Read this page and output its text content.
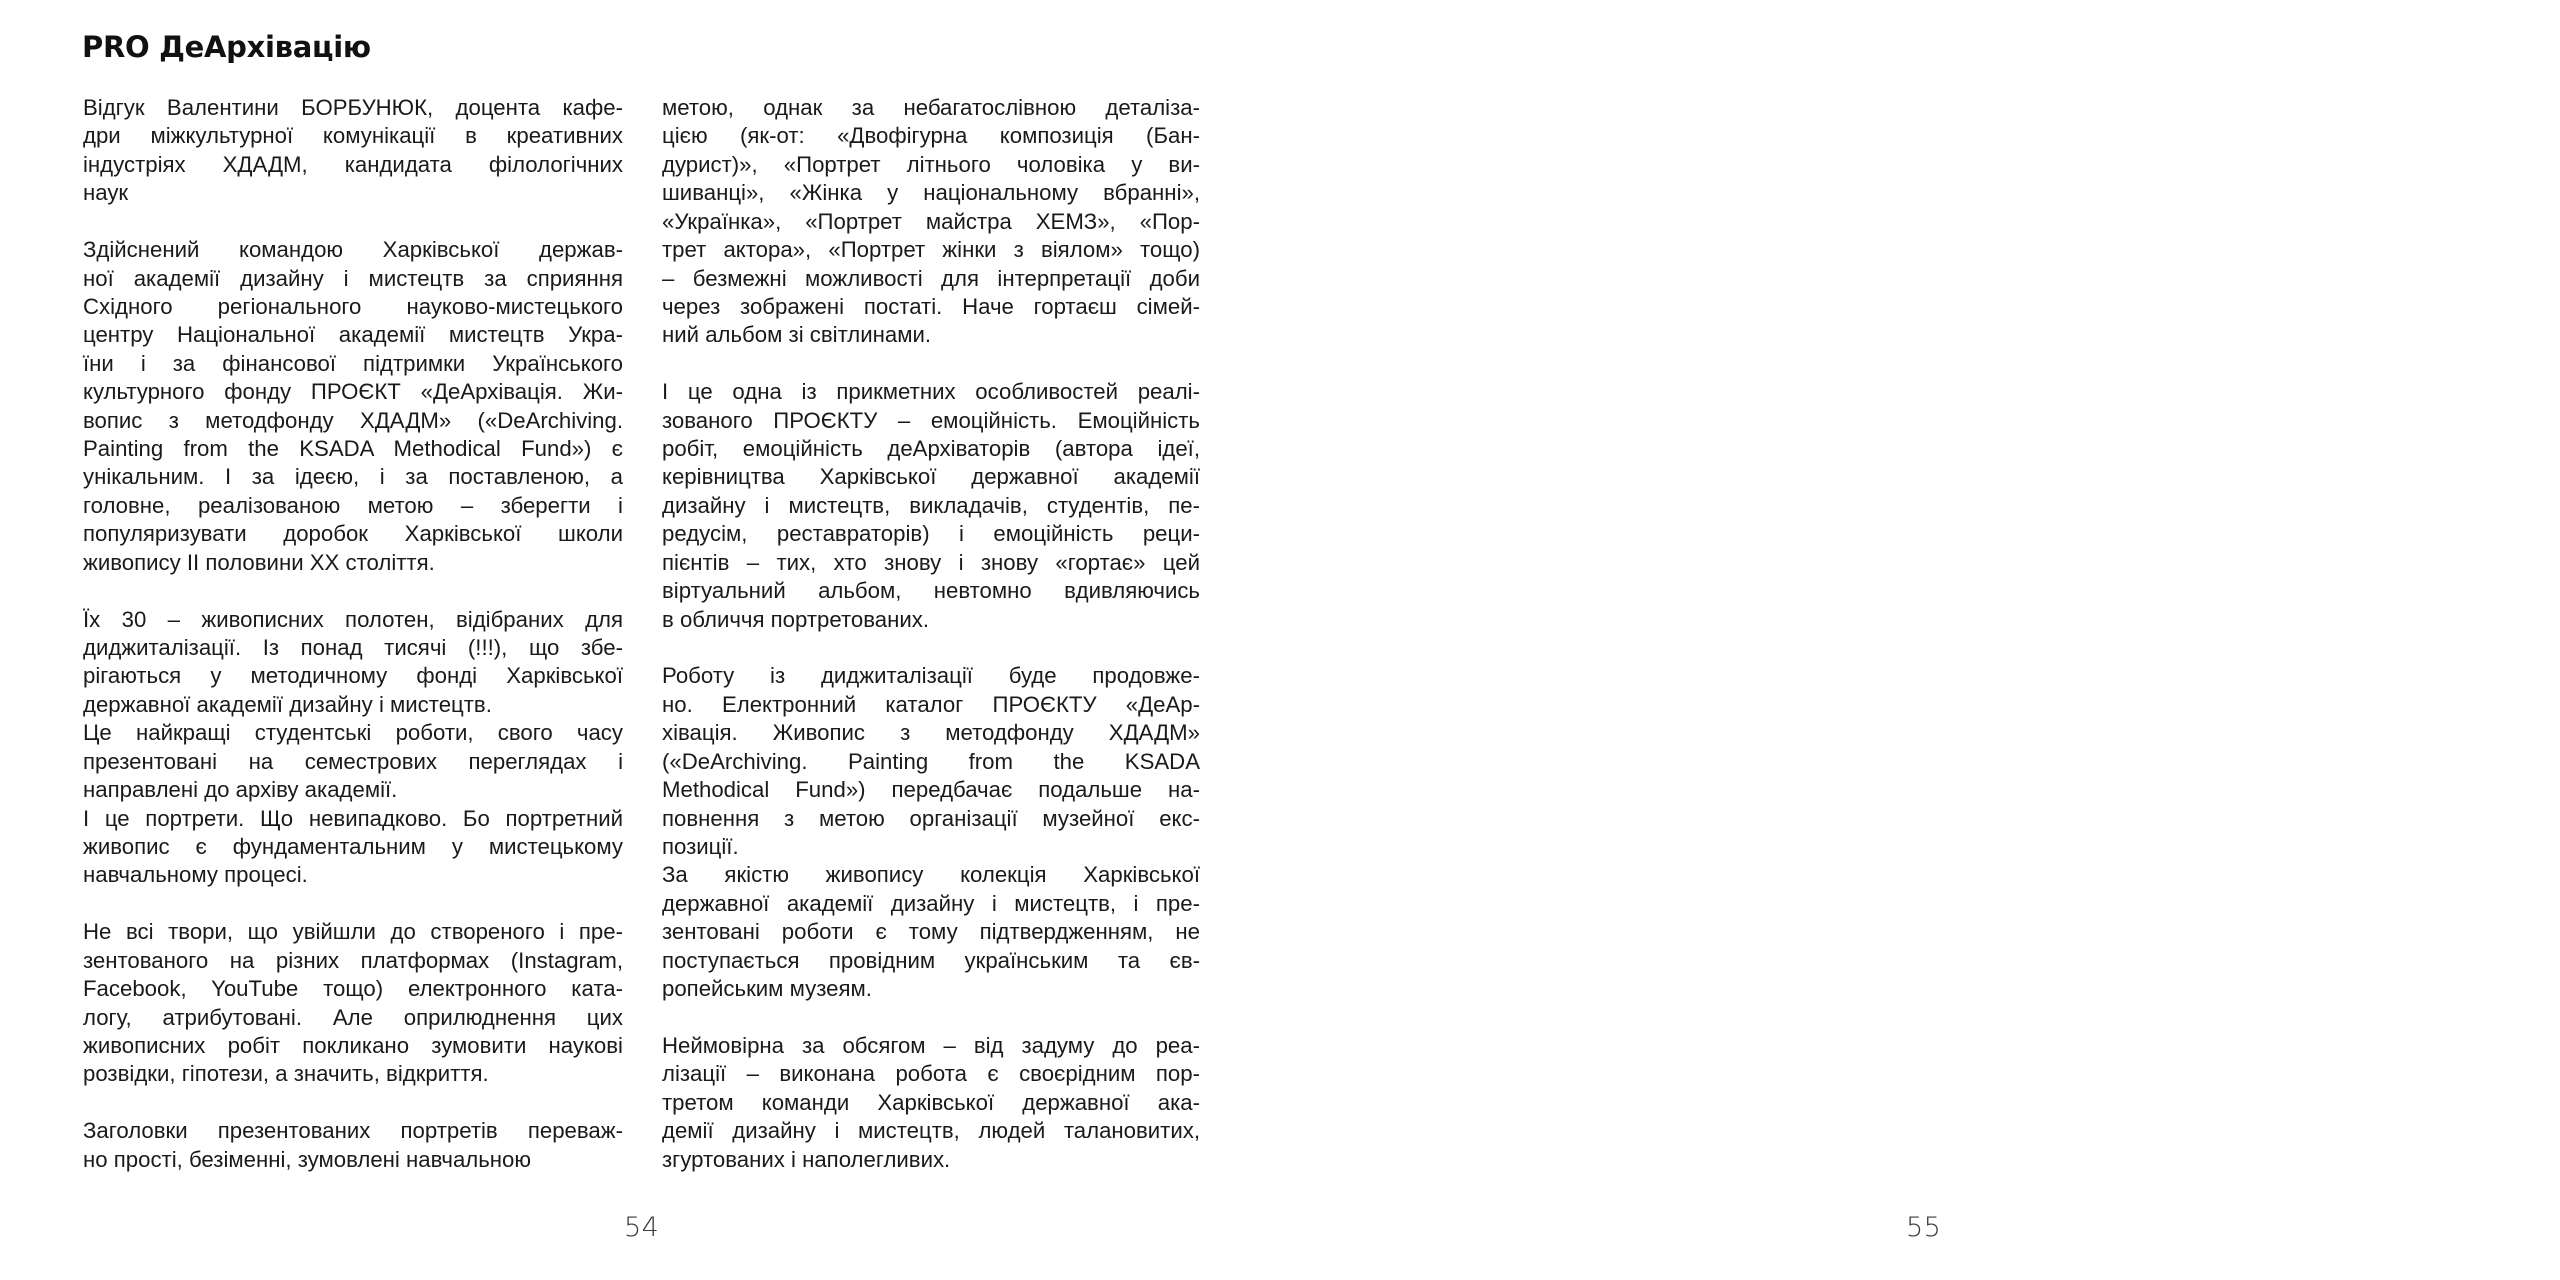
PRO ДеАрхівацію

Відгук Валентини БОРБУНЮК, доцента кафе-
дри міжкультурної комунікації в креативних
індустріях ХДАДМ, кандидата філологічних
наук

Здійснений командою Харківської держав-
ної академії дизайну і мистецтв за сприяння
Східного регіонального науково-мистецького
центру Національної академії мистецтв Укра-
їни і за фінансової підтримки Українського
культурного фонду ПРОЄКТ «ДеАрхівація. Жи-
вопис з методфонду ХДАДМ» («DeArchiving.
Painting from the KSADA Methodical Fund») є
унікальним. І за ідеєю, і за поставленою, а
головне, реалізованою метою – зберегти і
популяризувати доробок Харківської школи
живопису ІІ половини ХХ століття.

Їх 30 – живописних полотен, відібраних для
диджиталізації. Із понад тисячі (!!!), що збе-
рігаються у методичному фонді Харківської
державної академії дизайну і мистецтв.
Це найкращі студентські роботи, свого часу
презентовані на семестрових переглядах і
направлені до архіву академії.
І це портрети. Що невипадково. Бо портретний
живопис є фундаментальним у мистецькому
навчальному процесі.

Не всі твори, що увійшли до створеного і пре-
зентованого на різних платформах (Instagram,
Facebook, YouTube тощо) електронного ката-
логу, атрибутовані. Але оприлюднення цих
живописних робіт покликано зумовити наукові
розвідки, гіпотези, а значить, відкриття.

Заголовки презентованих портретів переваж-
но прості, безіменні, зумовлені навчальною

54	55

метою, однак за небагатослівною деталіза-
цією (як-от: «Двофігурна композиція (Бан-
дурист)», «Портрет літнього чоловіка у ви-
шиванці», «Жінка у національному вбранні»,
«Українка», «Портрет майстра ХЕМЗ», «Пор-
трет актора», «Портрет жінки з віялом» тощо)
– безмежні можливості для інтерпретації доби
через зображені постаті. Наче гортаєш сімей-
ний альбом зі світлинами.

І це одна із прикметних особливостей реалі-
зованого ПРОЄКТУ – емоційність. Емоційність
робіт, емоційність деАрхіваторів (автора ідеї,
керівництва Харківської державної академії
дизайну і мистецтв, викладачів, студентів, пе-
редусім, реставраторів) і емоційність реци-
пієнтів – тих, хто знову і знову «гортає» цей
віртуальний альбом, невтомно вдивляючись
в обличчя портретованих.

Роботу із диджиталізації буде продовже-
но. Електронний каталог ПРОЄКТУ «ДеАр-
хівація. Живопис з методфонду ХДАДМ»
(«DeArchiving. Painting from the KSADA
Methodical Fund») передбачає подальше на-
повнення з метою організації музейної екс-
позиції.
За якістю живопису колекція Харківської
державної академії дизайну і мистецтв, і пре-
зентовані роботи є тому підтвердженням, не
поступається провідним українським та єв-
ропейським музеям.

Неймовірна за обсягом – від задуму до реа-
лізації – виконана робота є своєрідним пор-
третом команди Харківської державної ака-
демії дизайну і мистецтв, людей талановитих,
згуртованих і наполегливих.
